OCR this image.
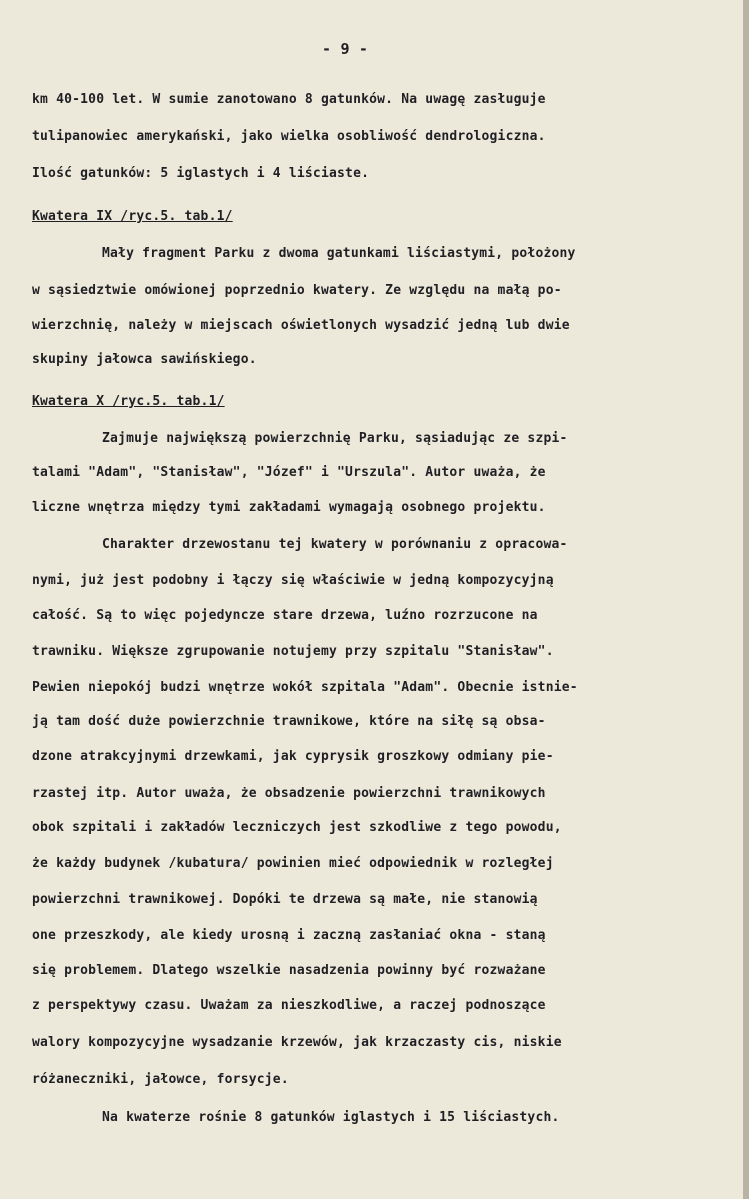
- 9 -
km 40-100 let. W sumie zanotowano 8 gatunków. Na uwagę zasługuje
tulipanowiec amerykański, jako wielka osobliwość dendrologiczna.
Ilość gatunków: 5 iglastych i 4 liściaste.
Kwatera IX /ryc.5. tab.1/
Mały fragment Parku z dwoma gatunkami liściastymi, położony
w sąsiedztwie omówionej poprzednio kwatery. Ze względu na małą po-
wierzchnię, należy w miejscach oświetlonych wysadzić jedną lub dwie
skupiny jałowca sawińskiego.
Kwatera X /ryc.5. tab.1/
Zajmuje największą powierzchnię Parku, sąsiadując ze szpi-
talami "Adam", "Stanisław", "Józef" i "Urszula". Autor uważa, że
liczne wnętrza między tymi zakładami wymagają osobnego projektu.
Charakter drzewostanu tej kwatery w porównaniu z opracowa-
nymi, już jest podobny i łączy się właściwie w jedną kompozycyjną
całość. Są to więc pojedyncze stare drzewa, luźno rozrzucone na
trawniku. Większe zgrupowanie notujemy przy szpitalu "Stanisław".
Pewien niepokój budzi wnętrze wokół szpitala "Adam". Obecnie istnie-
ją tam dość duże powierzchnie trawnikowe, które na siłę są obsa-
dzone atrakcyjnymi drzewkami, jak cyprysik groszkowy odmiany pie-
rzastej itp. Autor uważa, że obsadzenie powierzchni trawnikowych
obok szpitali i zakładów leczniczych jest szkodliwe z tego powodu,
że każdy budynek /kubatura/ powinien mieć odpowiednik w rozległej
powierzchni trawnikowej. Dopóki te drzewa są małe, nie stanowią
one przeszkody, ale kiedy urosną i zaczną zasłaniać okna - staną
się problemem. Dlatego wszelkie nasadzenia powinny być rozważane
z perspektywy czasu. Uważam za nieszkodliwe, a raczej podnoszące
walory kompozycyjne wysadzanie krzewów, jak krzaczasty cis, niskie
różaneczniki, jałowce, forsycje.
Na kwaterze rośnie 8 gatunków iglastych i 15 liściastych.
